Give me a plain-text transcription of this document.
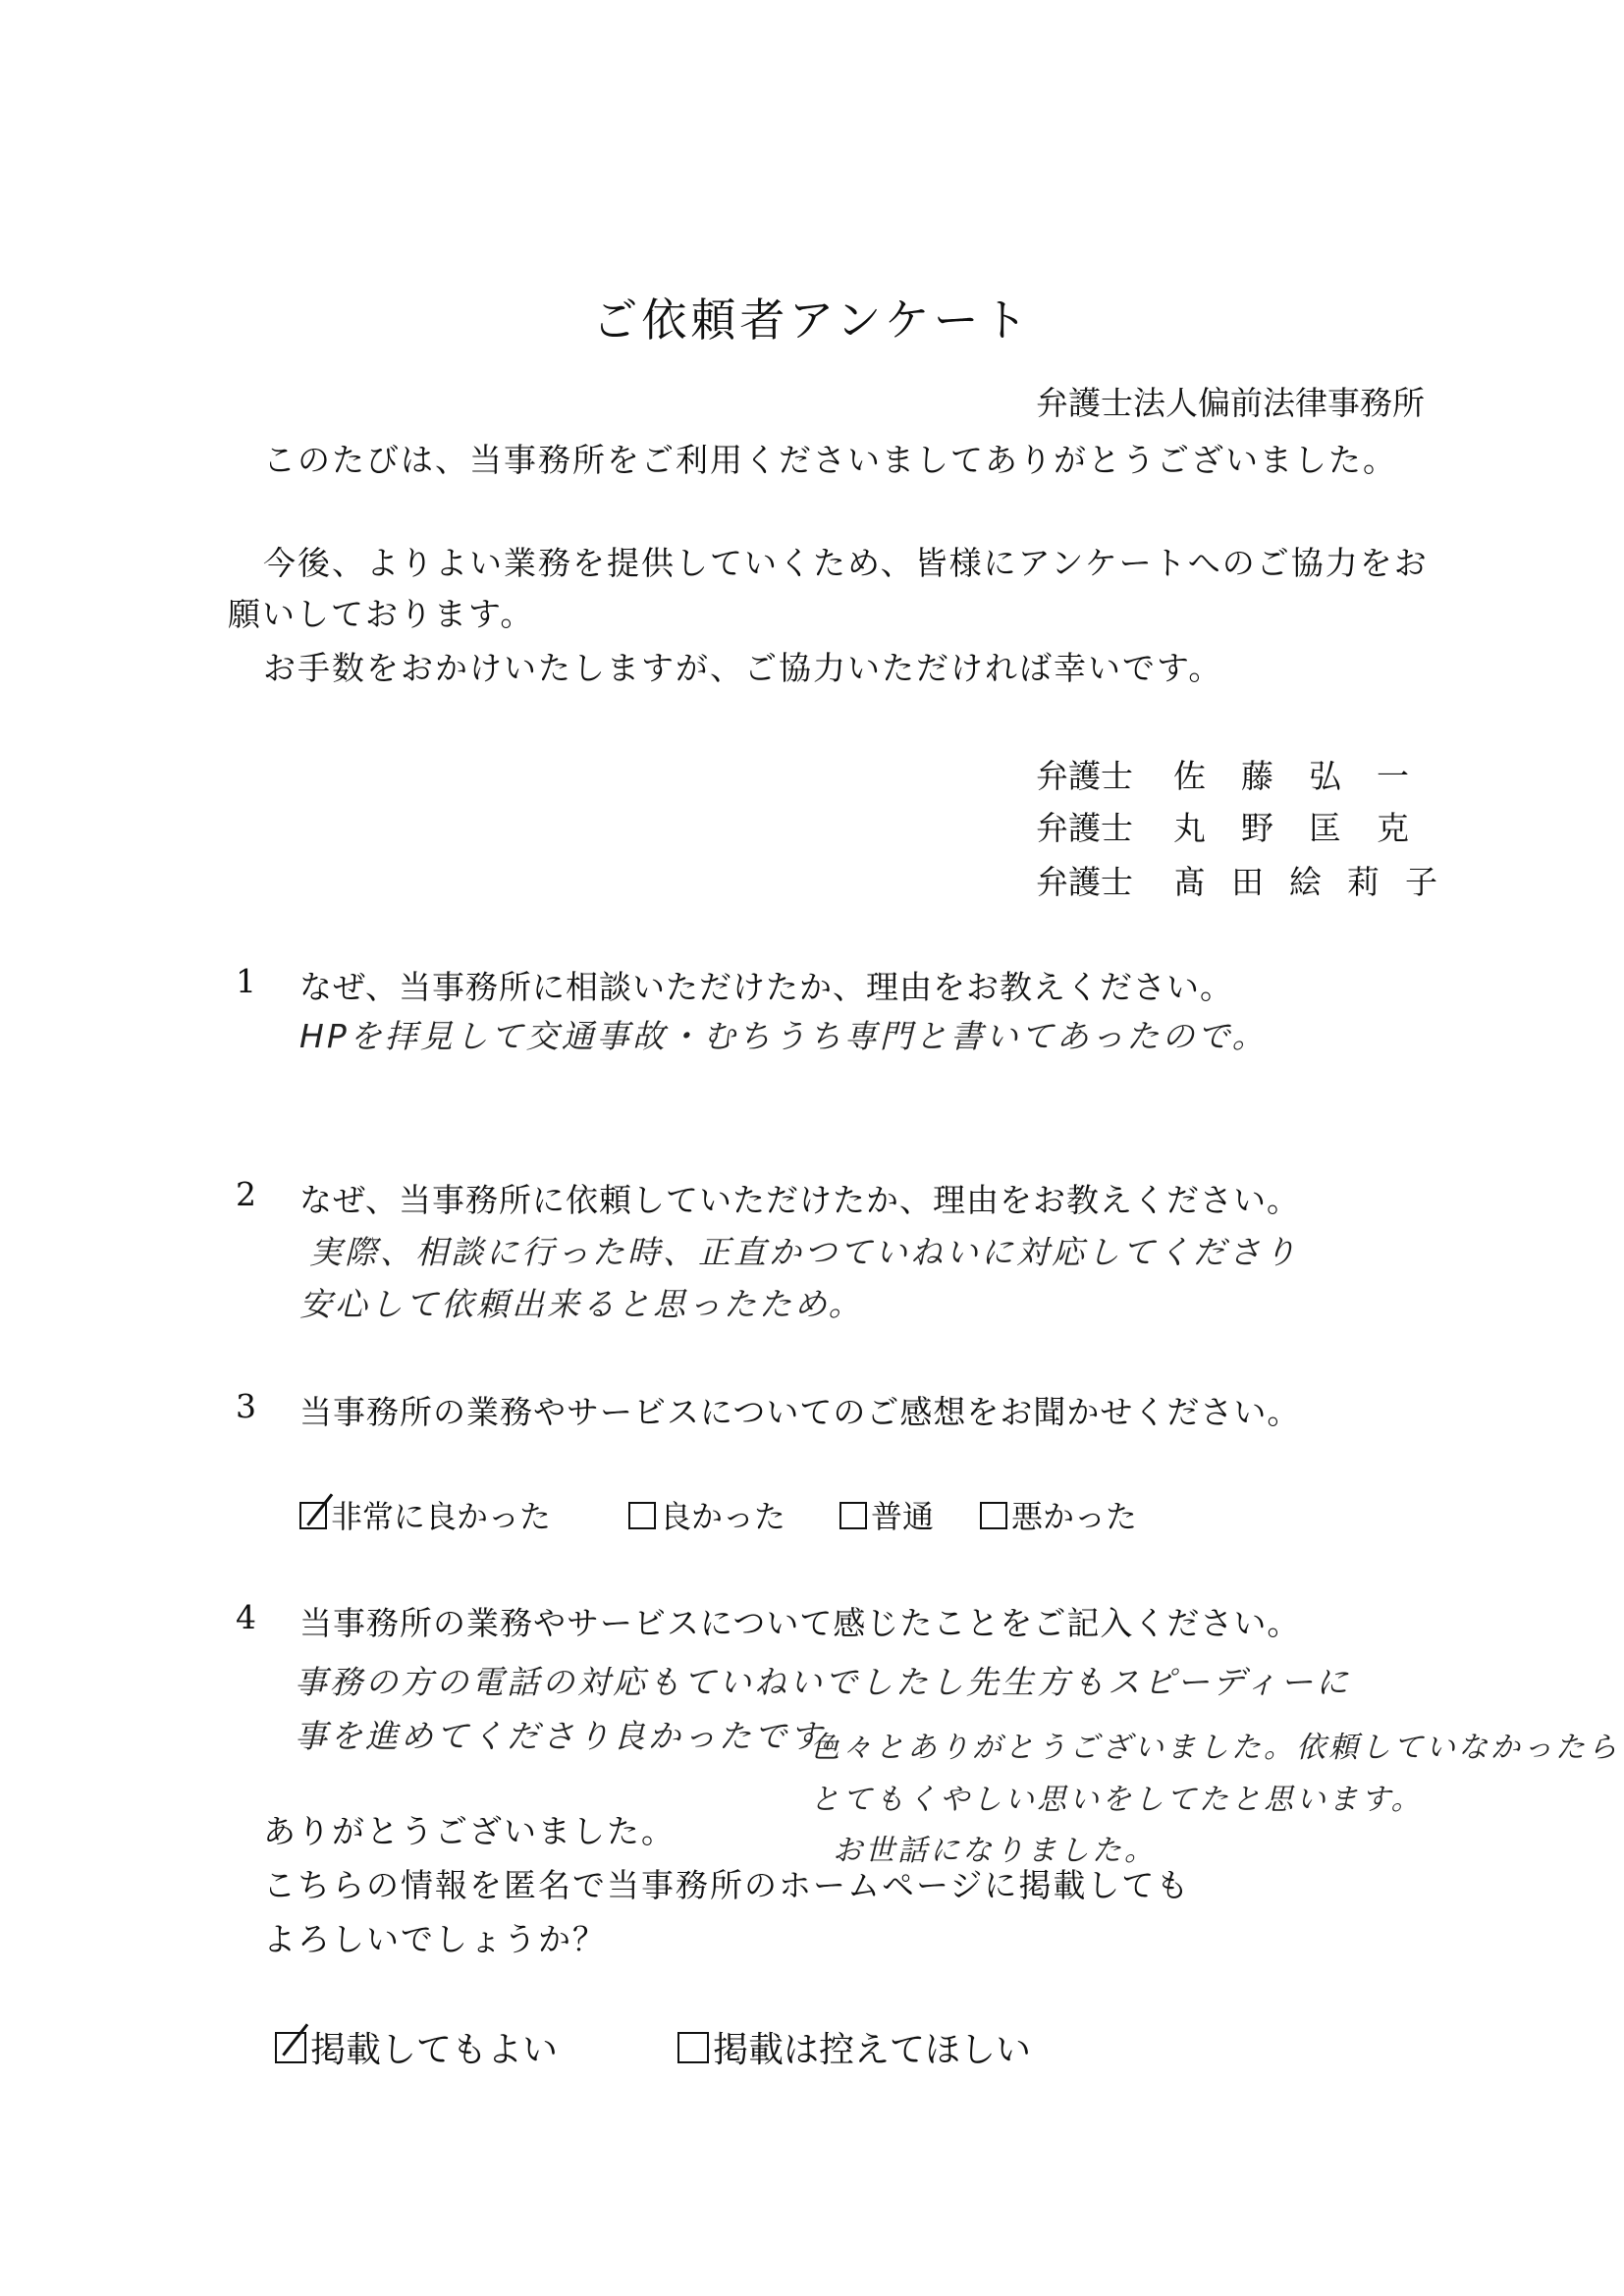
ご依頼者アンケート
弁護士法人偏前法律事務所
このたびは、当事務所をご利用くださいましてありがとうございました。
今後、よりよい業務を提供していくため、皆様にアンケートへのご協力をお
願いしております。
お手数をおかけいたしますが、ご協力いただければ幸いです。
弁護士 佐藤弘一
弁護士 丸野匡克
弁護士 髙田絵莉子
1 なぜ、当事務所に相談いただけたか、理由をお教えください。
HPを拝見して交通事故・むちうち専門と書いてあったので。
2 なぜ、当事務所に依頼していただけたか、理由をお教えください。
実際、相談に行った時、正直かつていねいに対応してくださり
安心して依頼出来ると思ったため。
3 当事務所の業務やサービスについてのご感想をお聞かせください。
非常に良かった	良かった	普通	悪かった
4 当事務所の業務やサービスについて感じたことをご記入ください。
事務の方の電話の対応もていねいでしたし先生方もスピーディーに
事を進めてくださり良かったです。
色々とありがとうございました。依頼していなかったら
とてもくやしい思いをしてたと思います。
お世話になりました。
ありがとうございました。
こちらの情報を匿名で当事務所のホームページに掲載しても
よろしいでしょうか？
掲載してもよい	掲載は控えてほしい
